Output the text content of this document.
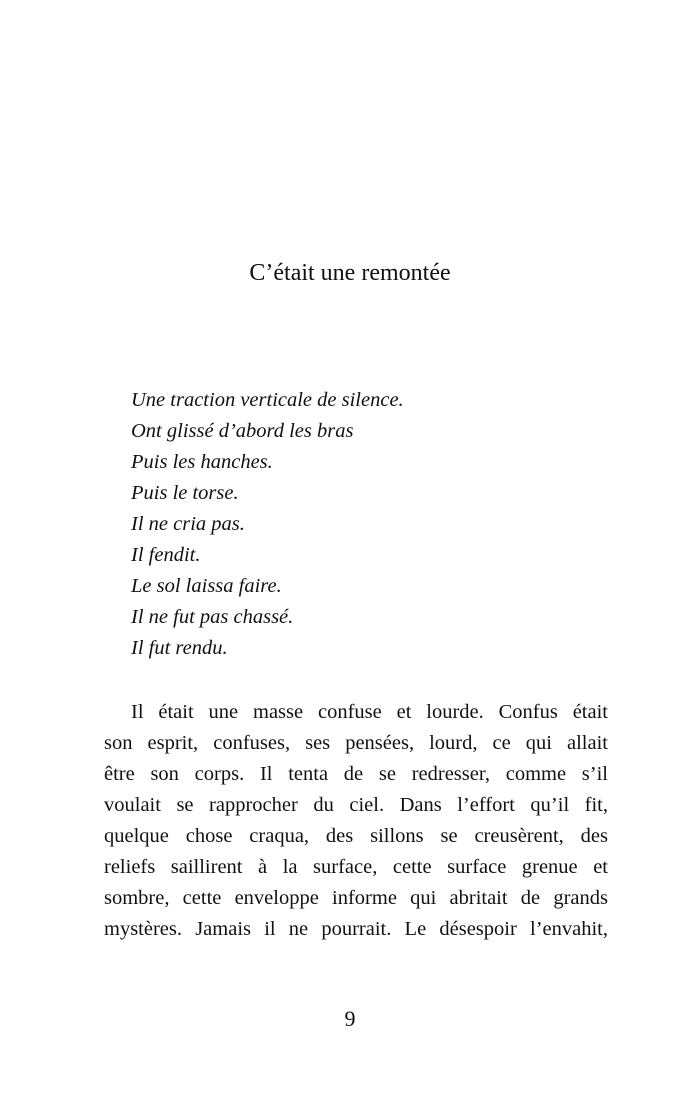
C’était une remontée
Une traction verticale de silence.
Ont glissé d’abord les bras
Puis les hanches.
Puis le torse.
Il ne cria pas.
Il fendit.
Le sol laissa faire.
Il ne fut pas chassé.
Il fut rendu.
Il était une masse confuse et lourde. Confus était
son esprit, confuses, ses pensées, lourd, ce qui allait
être son corps. Il tenta de se redresser, comme s’il
voulait se rapprocher du ciel. Dans l’effort qu’il fit,
quelque chose craqua, des sillons se creusèrent, des
reliefs saillirent à la surface, cette surface grenue et
sombre, cette enveloppe informe qui abritait de grands
mystères. Jamais il ne pourrait. Le désespoir l’envahit,
9
